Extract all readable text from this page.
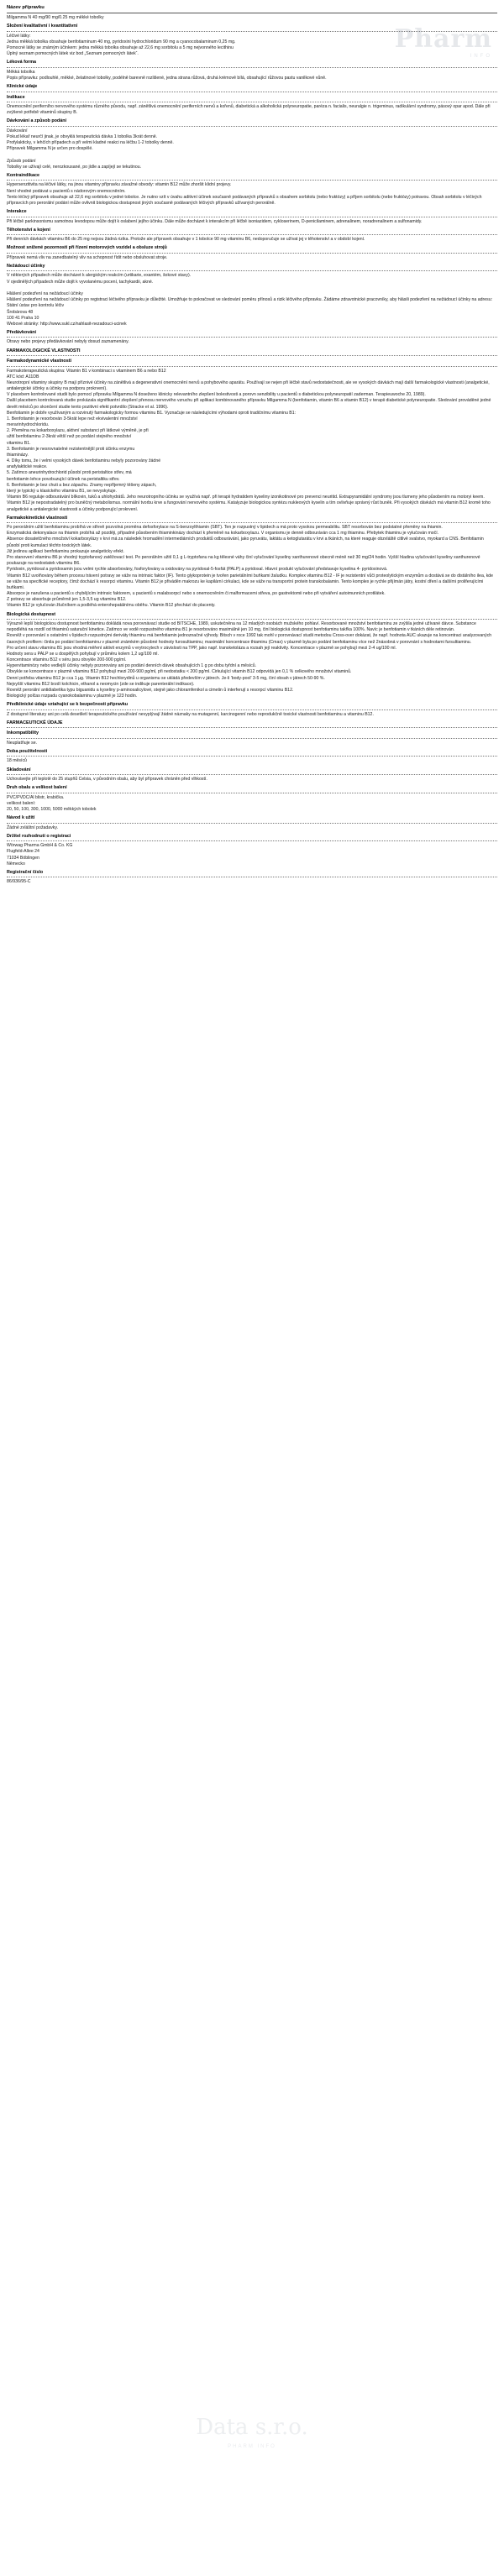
Pharm
INFO
Data s.r.o.
PHARM INFO
Název přípravku

Milgamma N 40 mg/90 mg/0.25 mg měkké tobolky

Složení kvalitativní i kvantitativní

Léčivé látky:

Jedna měkká tobolka obsahuje benfotiaminum 40 mg, pyridoxini hydrochloridum 90 mg a cyanocobalaminum 0,25 mg.

Pomocné látky se známým účinkem: jedna měkká tobolka obsahuje až 22,6 mg sorbitolu a 5 mg nejvonného lecithinu

Úplný seznam pomocných látek viz bod „Seznam pomocných látek“.

Léková forma

Měkká tobolka

Popis přípravku: podlouhlé, měkké, želatinové tobolky, podélně barevně rozlišené, jedna strana růžová, druhá krémově bílá, obsahující růžovou pastu vanilkové vůně.

Klinické údaje
Indikace

Onemocnění periferního nervového systému různého původu, např. zánětlivá onemocnění periferních nervů a kořenů, diabetická a alkoholická polyneuropatie, paréza n. facialis, neuralgie n. trigeminus, radikulární syndromy, pásový opar apod. Dále při zvýšené potřebě vitaminů skupiny B.

Dávkování a způsob podání

Dávkování

Pokud lékař neurčí jinak, je obvyklá terapeutická dávka 1 tobolka 3krát denně.

Profylakticky, v lehčích případech a při velmi kladné reakci na léčbu 1-2 tobolky denně.

Přípravek Milgamma N je určen pro dospělé.

Způsob podání

Tobolky se užívají celé, nerozkousané, po jídle a zapíjejí se tekutinou.

Kontraindikace

Hypersenzitivita na léčivé látky, na jinou vitaminy přípravku závažné obvody: vitamin B12 může zhoršit klidní projevy.

Není vhodné podávat u pacientů s nádorovým onemocněním.

Tento léčivý přípravek obsahuje až 22,6 mg sorbitolu v jedné tobolce. Je nutno vzít v úvahu aditivní účinek současně podávaných přípravků s obsahem sorbitolu (nebo fruktózy) a příjem sorbitolu (nebo fruktózy) potravou. Obsah sorbitolu v léčivých přípravcích pro perorální podání může ovlivnit biologickou dostupnost jiných současně podávaných léčivých přípravků užívaných perorálně.

Interakce

Při léčbě parkinsonismu samotnou levodopou může dojít k oslabení jejího účinku. Dále může docházet k interakcím při léčbě isoniazidem, cykloserinem, D-penicilaminem, adrenalinem, noradrenalinem a sulfonamidy.

Těhotenství a kojení

Při denních dávkách vitaminu B6 do 25 mg nejsou žádná rizika. Protože ale přípravek obsahuje v 1 tobolce 90 mg vitaminu B6, nedoporučuje se užívat jej v těhotenství a v období kojení.

Možnost snížené pozornosti při řízení motorových vozidel a obsluze strojů

Přípravek nemá vliv na zanedbatelný vliv na schopnost řídit nebo obsluhovat stroje.

Nežádoucí účinky

V některých případech může docházet k alergickým reakcím (urtikarie, exantém, šokové stavy).

V ojedinělých případech může dojít k vyvolanému pocení, tachykardii, akné.

Hlášení podezření na nežádoucí účinky

Hlášení podezření na nežádoucí účinky po registraci léčivého přípravku je důležité. Umožňuje to pokračovat ve sledování poměru přínosů a rizik léčivého přípravku. Žádáme zdravotnické pracovníky, aby hlásili podezření na nežádoucí účinky na adresu:

Státní ústav pro kontrolu léčiv

Šrobárova 48

100 41 Praha 10

Webové stránky: http://www.sukl.cz/nahlasit-nezadouci-ucinek

Předávkování

Otravy nebo projevy předávkování nebyly dosud zaznamenány.

FARMAKOLOGICKÉ VLASTNOSTI
Farmakodynamické vlastnosti

Farmakoterapeutická skupina: Vitamin B1 v kombinaci s vitaminem B6 a nebo B12

ATC kód: A11DB

Neurotropní vitaminy skupiny B mají příznivé účinky na zánětlivá a degenerativní onemocnění nervů a pohybového aparátu. Používají se nejen při léčbě stavů nedostatečnosti, ale ve vysokých dávkách mají další farmakologické vlastnosti (analgetické, antialergické účinky a účinky na podporu prokrvení).

V placebem kontrolované studii bylo pomocí přípravku Milgamma N doseženo klinicky relevantního zlepšení bolestivosti a porovn senzibility u pacientů s diabetickou polyneuropatií zaderman. Terapieuwoche 20, 1989).

Další placebem kontrolovaná studie prokázala signifikantní zlepšení přenosu nervového vzruchu při aplikaci kombinovaného přípravku Milgamma N (benfotiamin, vitamin B6 a vitamin B12) v terapii diabetické polyneuropatie. Sledování prováděné jedné devět měsíců po skončení studie tento pozitivní efekt potvrdilo (Stracke et al. 1996).

Benfotiamin je dobře využívaným a rozvinutý farmakologicky formou vitaminu B1. Vyznačuje se následujícími výhodami oproti tradičnímu vitaminu B1:

1. Benfotiamin je resorbován 3-5krát lepe než ekvivalentní množství

merarinhydrochloridu.

2. Přeměna na kokarboxylazu, aktivní substanci při látkové výměně, je při

užití benfotiaminu 2-3krát větší než po podání stejného množství

vitaminu B1.

3. Benfotiamin je nesrovnatelné rezistentnější proti účinku enzymu

thiaminázy.

4. Díky tomu, že i velmi vysokých dávek benfotiaminu nebyly pozorovány žádné

anafylaktické reakce.

5. Zatímco aneurinhydrochlorid působí proti peristaltice střev, má

benfotiamin lehce povzbuzující účinek na peristaltiku střev.

6. Benfotiamin je bez chuti a bez zápachu. Znamy nepříjemný těšeny zápach,

který je typický u klasického vitaminu B1, se nevyskytuje.

Vitamin B6 reguluje odbourávání bílkovin, tuků a uhlohydrátů. Jeho neurotropního účinku se využívá např. při terapii hydratidem kyseliny izonikotinové pro prevenci neuritid. Extrapyramidální syndromy jsou tlumeny jeho působením na motoryi keem.

Vitamin B12 je nepostradatelný pro buněčný metabolismus. normální tvorbu krve a fungování nervového systému. Katalyzuje biologickou syntézu nukleových kyselin a tím ovlivňuje správný růst buněk. Při vysokých dávkách má vitamin B12 kromě toho analgetické a antialergické vlastnosti a účinky podporující prokrvení.

Farmakokinetické vlastnosti

Po perorálním užití benfotiaminu probíhá ve střevě pozvolná proměna defosforylace na S-benzoylthiamin (SBT). Ten je rozpustný v lipidech a má proto vysokou permeabilitu. SBT resorbován bez podstatné přeměny na thiamin.

Enzymatická dekonyalace na thiamin probíhá až později, případně působením thiaminkinázy dochází k přeměně na kokarboxylazu. V organismu je denně odbouráván cca 1 mg thiaminu. Přebytek thiaminu je vylučován močí.

Absence dosatetčného množství kokarboxylázy v krvi má za následek hromadění intermediárních produktů odbourávání, jako pyruvátu, laktátu a ketoglutarátu v krvi a tkáních, na které reaguje obzvláště citlivě svalstvo, myokard a CNS. Benfotiamin působí proti kumulaci těchto toxických látek.

Již jedinou aplikaci benfotiaminu prokazuje analgeticky efekt.

Pro stanovení vitaminu B6 je vhodný tryptofanový zatěžovací test. Po perorálním užití 0,1 g L-tryptofanu na kg tělesné váhy činí vylučování kyseliny xanthurenové obecně méně než 30 mg/24 hodin. Vyšší hladina vylučování kyseliny xanthurenové poukazuje na nedostatek vitaminu B6.

Pyridoxin, pyridoxal a pyridoxamin jsou velmi rychle absorbovány, fosforylovány a oxidovány na pyridoxal-5-fosfát (PALP) a pyridoxal. Hlavní produkt vylučování představuje kyselina 4- pyridoxinová.

Vitamin B12 uvolňovány během procesu trávení potravy se váže na intrinsic faktor (IF). Tento glykoprotein je tvořen parietálními buňkami žaludku. Komplex vitaminu B12 - IF je rezistentní vůči proteolytickým enzymům a dostává se do distálního ilea, kde se váže na specifické receptory, čímž dochází k resorpci vitaminu. Vitamin B12 je přiváděn makrozu ke kapilární cirkulaci, kde se váže na transportní protein transkobalamin. Tento komplex je rychle přijímán játry, kostní dření a dalšími proliferujícími buňkami.

Absorpce je narušena u pacientů s chybějícím intrinsic faktorem, u pacientů s malabsorpcí nebo s onemocněním či malformacemi střeva, po gastrektomii nebo při vytváření autoimunních protilátek.

Z potravy se absorbuje průměrně jen 1,5-3,5 ug vitaminu B12.

Vitamin B12 je vylučován žlučníkem a podléhá enterohepatálnímu oběhu. Vitamin B12 přechází do placenty.

Biologická dostupnost

Výrazně lepší biologickou dostupnost benfotiaminu dokládá nova porovnávací studie od BITSCHE, 1989, uskutečněna na 12 mladých osobách mužského pohlaví. Resorbované množství benfotiaminu ze zvýšila jedné užívané dávce. Substance nepodléhá na rozdíl od thiaminů saturační kinetice. Zatímco ve vodě rozpustného vitaminu B1 je resorbováno maximálně jen 10 mg, činí biologická dostupnost benfotiaminu takřka 100%. Navíc je benfotiamin v tkáních déle retinován.

Rovněž v porovnání s ostatními v lipidech rozpustnými deriváty thiaminu má benfotiamin jednoznačné výhody. Bitsch v roce 1992 tak mohl v porovnávací studii metodou Cross-over dokázat, že např. hodnota AUC ukazuje na koncentraci analyzovaných časových profilem: činila po podání benfotiaminu v plazmě známkém působné hodnoty furosultiaminu; maximální koncentrace thiaminu (Cmax) v plazmě byla po podání benfotiaminu více než 2násobná v porovnání s hodnotami fursultiaminu.

Pro určení stavu vitaminu B1 jsou vhodná měření aktivit enzymů v erytrocytech v závislosti na TPP, jako např. transketoláza a rozsah její reaktivity. Koncentrace v plazmě se pohybují mezi 2-4 ug/100 ml.

Hodnoty sera u PALP se u dospělých pohybují v průměru kolem 1,2 ug/100 ml.

Koncentrace vitaminu B12 v séru jsou obvykle 200-900 pg/ml.

Hypervitaminózy nebo vedlejší účinky nebyly pozorovány ani po podání denních dávek obsahujících 1 g po dobu tyřdní a měsíců.

Obvykle se koncentrace v plazmě vitaminu B12 pohybují mezi 200-900 pg/ml, při nedostatku < 200 pg/ml. Cirkulující vitamin B12 odpovídá jen 0,1 % celkového množství vitaminů.

Denní potřeba vitaminu B12 je cca 1 µg. Vitamin B12 hechlorydinů u organismu se ukládá především v játrech. Je-li 'body-pool' 3-5 mg, činí obsah v játrech 50-90 %.

Nejvyšší vitaminu B12 brzdí kolchicin, ethanol a neomycin (zde se indikuje parenterální indikace).

Rovněž perorální antidiabetika typu biguanidu a kyseliny p-aminosalicylové, stejně jako chloramfenikol a cimetin ů interferují s resorpcí vitaminu B12.

Biologický polčas rozpadu cyanokobalaminu v plazmě je 123 hodin.

Předklinické údaje vztahující se k bezpečnosti přípravku

Z dostupné literatury ani po celá desetiletí terapeutického používání nevyplývají žádné náznaky na mutagenní, karcinogenní nebo reprodukčně toxické vlastnosti benfotiaminu a vitaminu B12.

FARMACEUTICKÉ ÚDAJE
Inkompatibility

Neuplatňuje se.

Doba použitelnosti

18 měsíců

Skladování

Uchovávejte při teplotě do 25 stupňů Celsia, v původním obalu, aby byl přípravek chráněn před vlhkostí.

Druh obalu a velikost balení

PVC/PVDC/Al blistr, krabička.

velikost balení:

20, 50, 100, 300, 1000, 5000 měkkých tobolek

Návod k užití

Žádné zvláštní požadavky.

Držitel rozhodnutí o registraci

Wörwag Pharma GmbH & Co. KG

Flugfeld-Allee 24

71034 Böblingen

Německo

Registrační číslo

86/936/95-C
